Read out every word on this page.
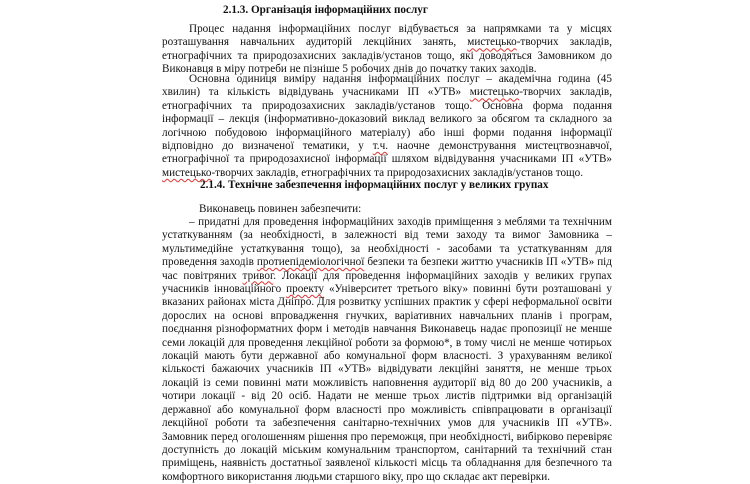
2.1.3. Організація інформаційних послуг

Процес надання інформаційних послуг відбувається за напрямками та у місцях розташування навчальних аудиторій лекційних занять, мистецько-творчих закладів, етнографічних та природозахисних закладів/установ тощо, які доводяться Замовником до Виконавця в міру потреби не пізніше 5 робочих днів до початку таких заходів.

Основна одиниця виміру надання інформаційних послуг – академічна година (45 хвилин) та кількість відвідувань учасниками ІП «УТВ» мистецько-творчих закладів, етнографічних та природозахисних закладів/установ тощо. Основна форма подання інформації – лекція (інформативно-доказовий виклад великого за обсягом та складного за логічною побудовою інформаційного матеріалу) або інші форми подання інформації відповідно до визначеної тематики, у т.ч. наочне демонстрування мистецтвознавчої, етнографічної та природозахисної інформації шляхом відвідування учасниками ІП «УТВ» мистецько-творчих закладів, етнографічних та природозахисних закладів/установ тощо.

2.1.4. Технічне забезпечення інформаційних послуг у великих групах
Виконавець повинен забезпечити:

– придатні для проведення інформаційних заходів приміщення з меблями та технічним устаткуванням (за необхідності, в залежності від теми заходу та вимог Замовника – мультимедійне устаткування тощо), за необхідності - засобами та устаткуванням для проведення заходів протиепідеміологічної безпеки та безпеки життю учасників ІП «УТВ» під час повітряних тривог. Локації для проведення інформаційних заходів у великих групах учасників інноваційного проекту «Університет третього віку» повинні бути розташовані у вказаних районах міста Дніпро. Для розвитку успішних практик у сфері неформальної освіти дорослих на основі впровадження гнучких, варіативних навчальних планів і програм, поєднання різноформатних форм і методів навчання Виконавець надає пропозиції не менше семи локацій для проведення лекційної роботи за формою*, в тому числі не менше чотирьох локацій мають бути державної або комунальної форм власності. З урахуванням великої кількості бажаючих учасників ІП «УТВ» відвідувати лекційні заняття, не менше трьох локацій із семи повинні мати можливість наповнення аудиторії від 80 до 200 учасників, а чотири локації - від 20 осіб. Надати не менше трьох листів підтримки від організацій державної або комунальної форм власності про можливість співпрацювати в організації лекційної роботи та забезпечення санітарно-технічних умов для учасників ІП «УТВ». Замовник перед оголошенням рішення про переможця, при необхідності, вибірково перевіряє доступність до локацій міським комунальним транспортом, санітарний та технічний стан приміщень, наявність достатньої заявленої кількості місць та обладнання для безпечного та комфортного використання людьми старшого віку, про що складає акт перевірки.
